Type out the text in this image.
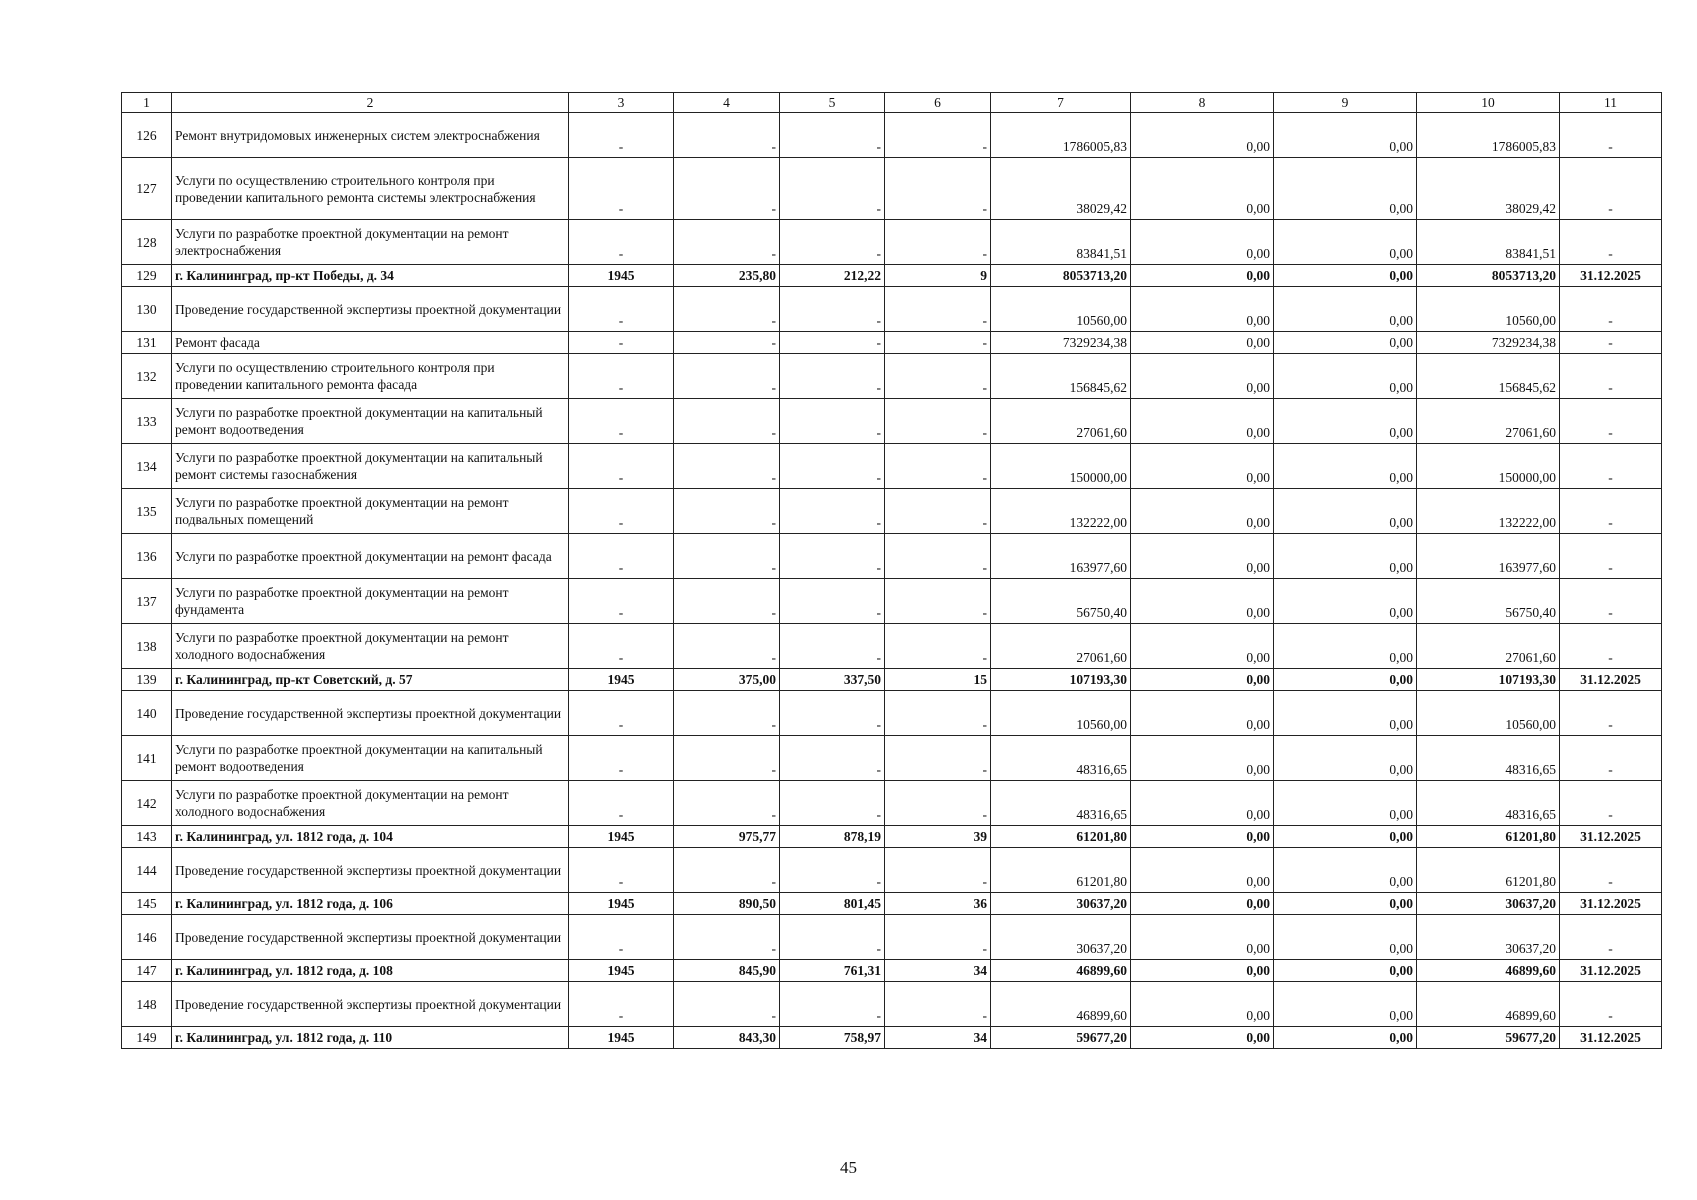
1	2	3	4	5	6	7	8	9	10	11
126	Ремонт внутридомовых инженерных систем электроснабжения	-	-	-	-	1786005,83	0,00	0,00	1786005,83	-
127	Услуги по осуществлению строительного контроля при проведении капитального ремонта системы электроснабжения	-	-	-	-	38029,42	0,00	0,00	38029,42	-
128	Услуги по разработке проектной документации на ремонт электроснабжения	-	-	-	-	83841,51	0,00	0,00	83841,51	-
129	г. Калининград, пр-кт Победы, д. 34	1945	235,80	212,22	9	8053713,20	0,00	0,00	8053713,20	31.12.2025
130	Проведение государственной экспертизы проектной документации	-	-	-	-	10560,00	0,00	0,00	10560,00	-
131	Ремонт фасада	-	-	-	-	7329234,38	0,00	0,00	7329234,38	-
132	Услуги по осуществлению строительного контроля при проведении капитального ремонта фасада	-	-	-	-	156845,62	0,00	0,00	156845,62	-
133	Услуги по разработке проектной документации на капитальный ремонт водоотведения	-	-	-	-	27061,60	0,00	0,00	27061,60	-
134	Услуги по разработке проектной документации на капитальный ремонт системы газоснабжения	-	-	-	-	150000,00	0,00	0,00	150000,00	-
135	Услуги по разработке проектной документации на ремонт подвальных помещений	-	-	-	-	132222,00	0,00	0,00	132222,00	-
136	Услуги по разработке проектной документации на ремонт фасада	-	-	-	-	163977,60	0,00	0,00	163977,60	-
137	Услуги по разработке проектной документации на ремонт фундамента	-	-	-	-	56750,40	0,00	0,00	56750,40	-
138	Услуги по разработке проектной документации на ремонт холодного водоснабжения	-	-	-	-	27061,60	0,00	0,00	27061,60	-
139	г. Калининград, пр-кт Советский, д. 57	1945	375,00	337,50	15	107193,30	0,00	0,00	107193,30	31.12.2025
140	Проведение государственной экспертизы проектной документации	-	-	-	-	10560,00	0,00	0,00	10560,00	-
141	Услуги по разработке проектной документации на капитальный ремонт водоотведения	-	-	-	-	48316,65	0,00	0,00	48316,65	-
142	Услуги по разработке проектной документации на ремонт холодного водоснабжения	-	-	-	-	48316,65	0,00	0,00	48316,65	-
143	г. Калининград, ул. 1812 года, д. 104	1945	975,77	878,19	39	61201,80	0,00	0,00	61201,80	31.12.2025
144	Проведение государственной экспертизы проектной документации	-	-	-	-	61201,80	0,00	0,00	61201,80	-
145	г. Калининград, ул. 1812 года, д. 106	1945	890,50	801,45	36	30637,20	0,00	0,00	30637,20	31.12.2025
146	Проведение государственной экспертизы проектной документации	-	-	-	-	30637,20	0,00	0,00	30637,20	-
147	г. Калининград, ул. 1812 года, д. 108	1945	845,90	761,31	34	46899,60	0,00	0,00	46899,60	31.12.2025
148	Проведение государственной экспертизы проектной документации	-	-	-	-	46899,60	0,00	0,00	46899,60	-
149	г. Калининград, ул. 1812 года, д. 110	1945	843,30	758,97	34	59677,20	0,00	0,00	59677,20	31.12.2025
45
